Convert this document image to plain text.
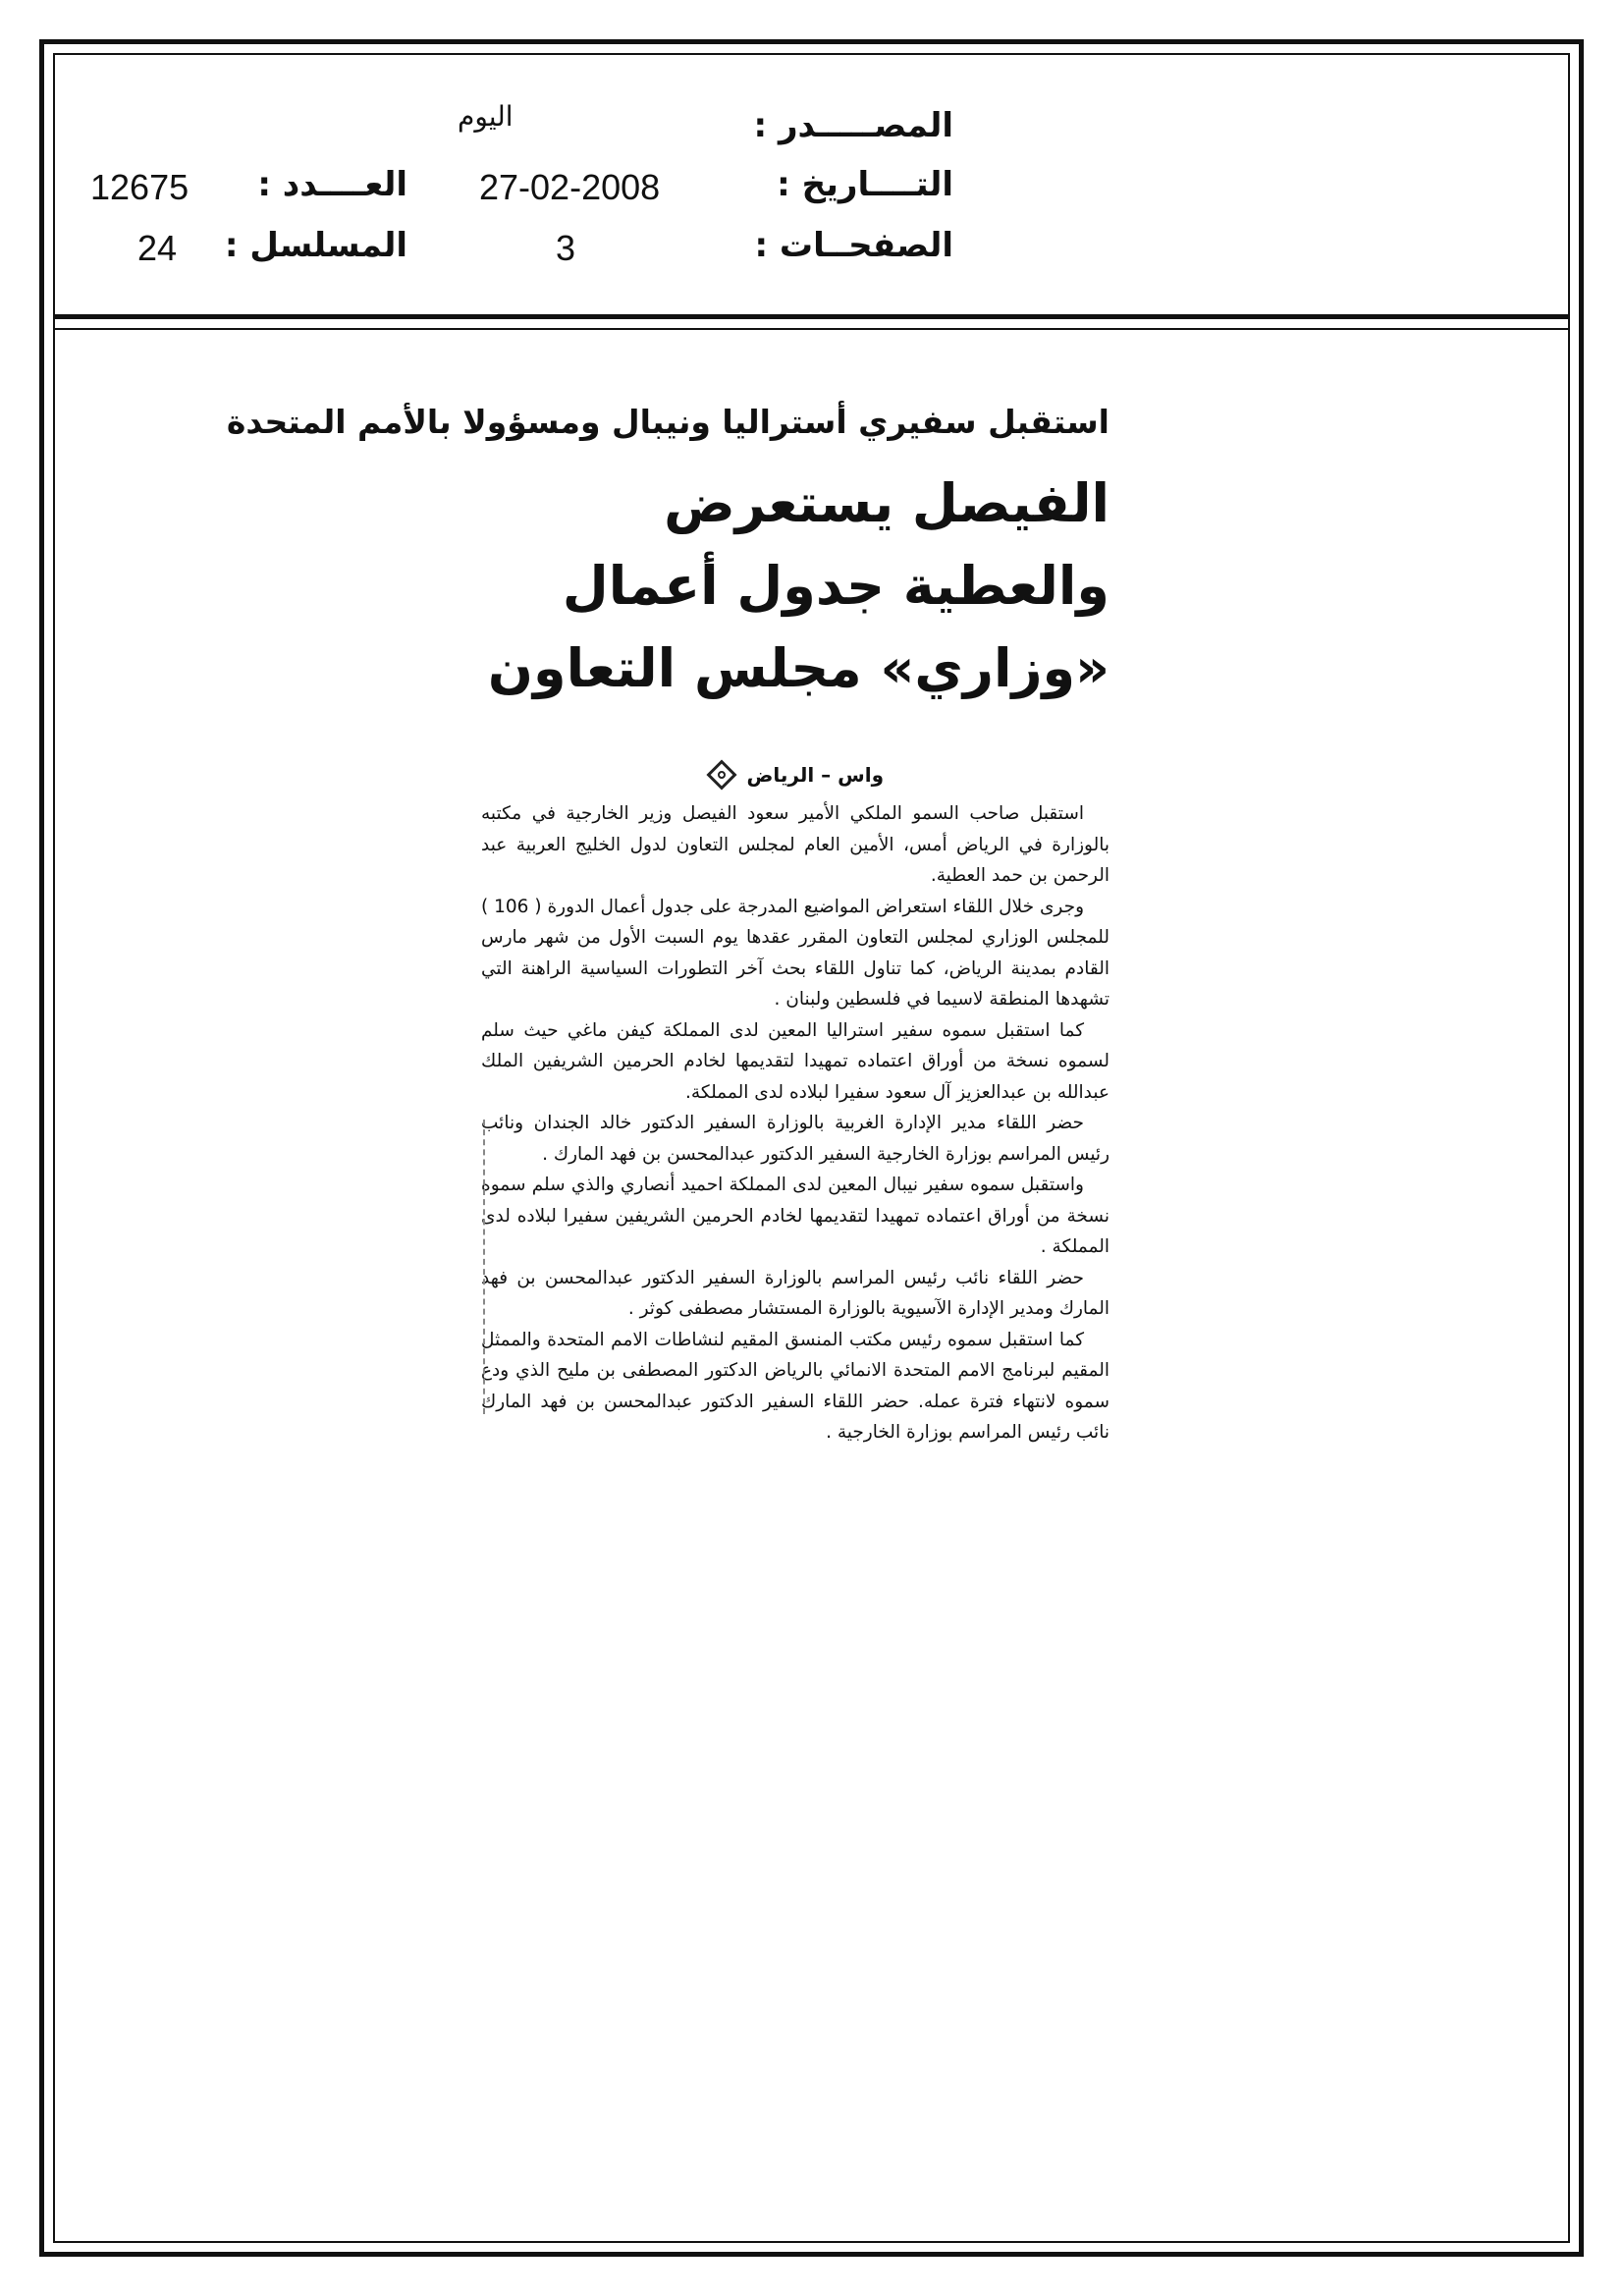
المصـــــدر :
اليوم
التــــاريخ :
27-02-2008
العــــدد :
12675
الصفحــات :
3
المسلسل :
24
استقبل سفيري أستراليا ونيبال ومسؤولا بالأمم المتحدة
الفيصل يستعرض والعطية جدول أعمال «وزاري» مجلس التعاون
واس – الرياض

استقبل صاحب السمو الملكي الأمير سعود الفيصل وزير الخارجية في مكتبه بالوزارة في الرياض أمس، الأمين العام لمجلس التعاون لدول الخليج العربية عبد الرحمن بن حمد العطية.

وجرى خلال اللقاء استعراض المواضيع المدرجة على جدول أعمال الدورة ( 106 ) للمجلس الوزاري لمجلس التعاون المقرر عقدها يوم السبت الأول من شهر مارس القادم بمدينة الرياض، كما تناول اللقاء بحث آخر التطورات السياسية الراهنة التي تشهدها المنطقة لاسيما في فلسطين ولبنان .

كما استقبل سموه سفير استراليا المعين لدى المملكة كيفن ماغي حيث سلم لسموه نسخة من أوراق اعتماده تمهيدا لتقديمها لخادم الحرمين الشريفين الملك عبدالله بن عبدالعزيز آل سعود سفيرا لبلاده لدى المملكة.

حضر اللقاء مدير الإدارة الغربية بالوزارة السفير الدكتور خالد الجندان ونائب رئيس المراسم بوزارة الخارجية السفير الدكتور عبدالمحسن بن فهد المارك .

واستقبل سموه سفير نيبال المعين لدى المملكة احميد أنصاري والذي سلم سموه نسخة من أوراق اعتماده تمهيدا لتقديمها لخادم الحرمين الشريفين سفيرا لبلاده لدى المملكة .

حضر اللقاء نائب رئيس المراسم بالوزارة السفير الدكتور عبدالمحسن بن فهد المارك ومدير الإدارة الآسيوية بالوزارة المستشار مصطفى كوثر .

كما استقبل سموه رئيس مكتب المنسق المقيم لنشاطات الامم المتحدة والممثل المقيم لبرنامج الامم المتحدة الانمائي بالرياض الدكتور المصطفى بن مليح الذي ودع سموه لانتهاء فترة عمله. حضر اللقاء السفير الدكتور عبدالمحسن بن فهد المارك نائب رئيس المراسم بوزارة الخارجية .
